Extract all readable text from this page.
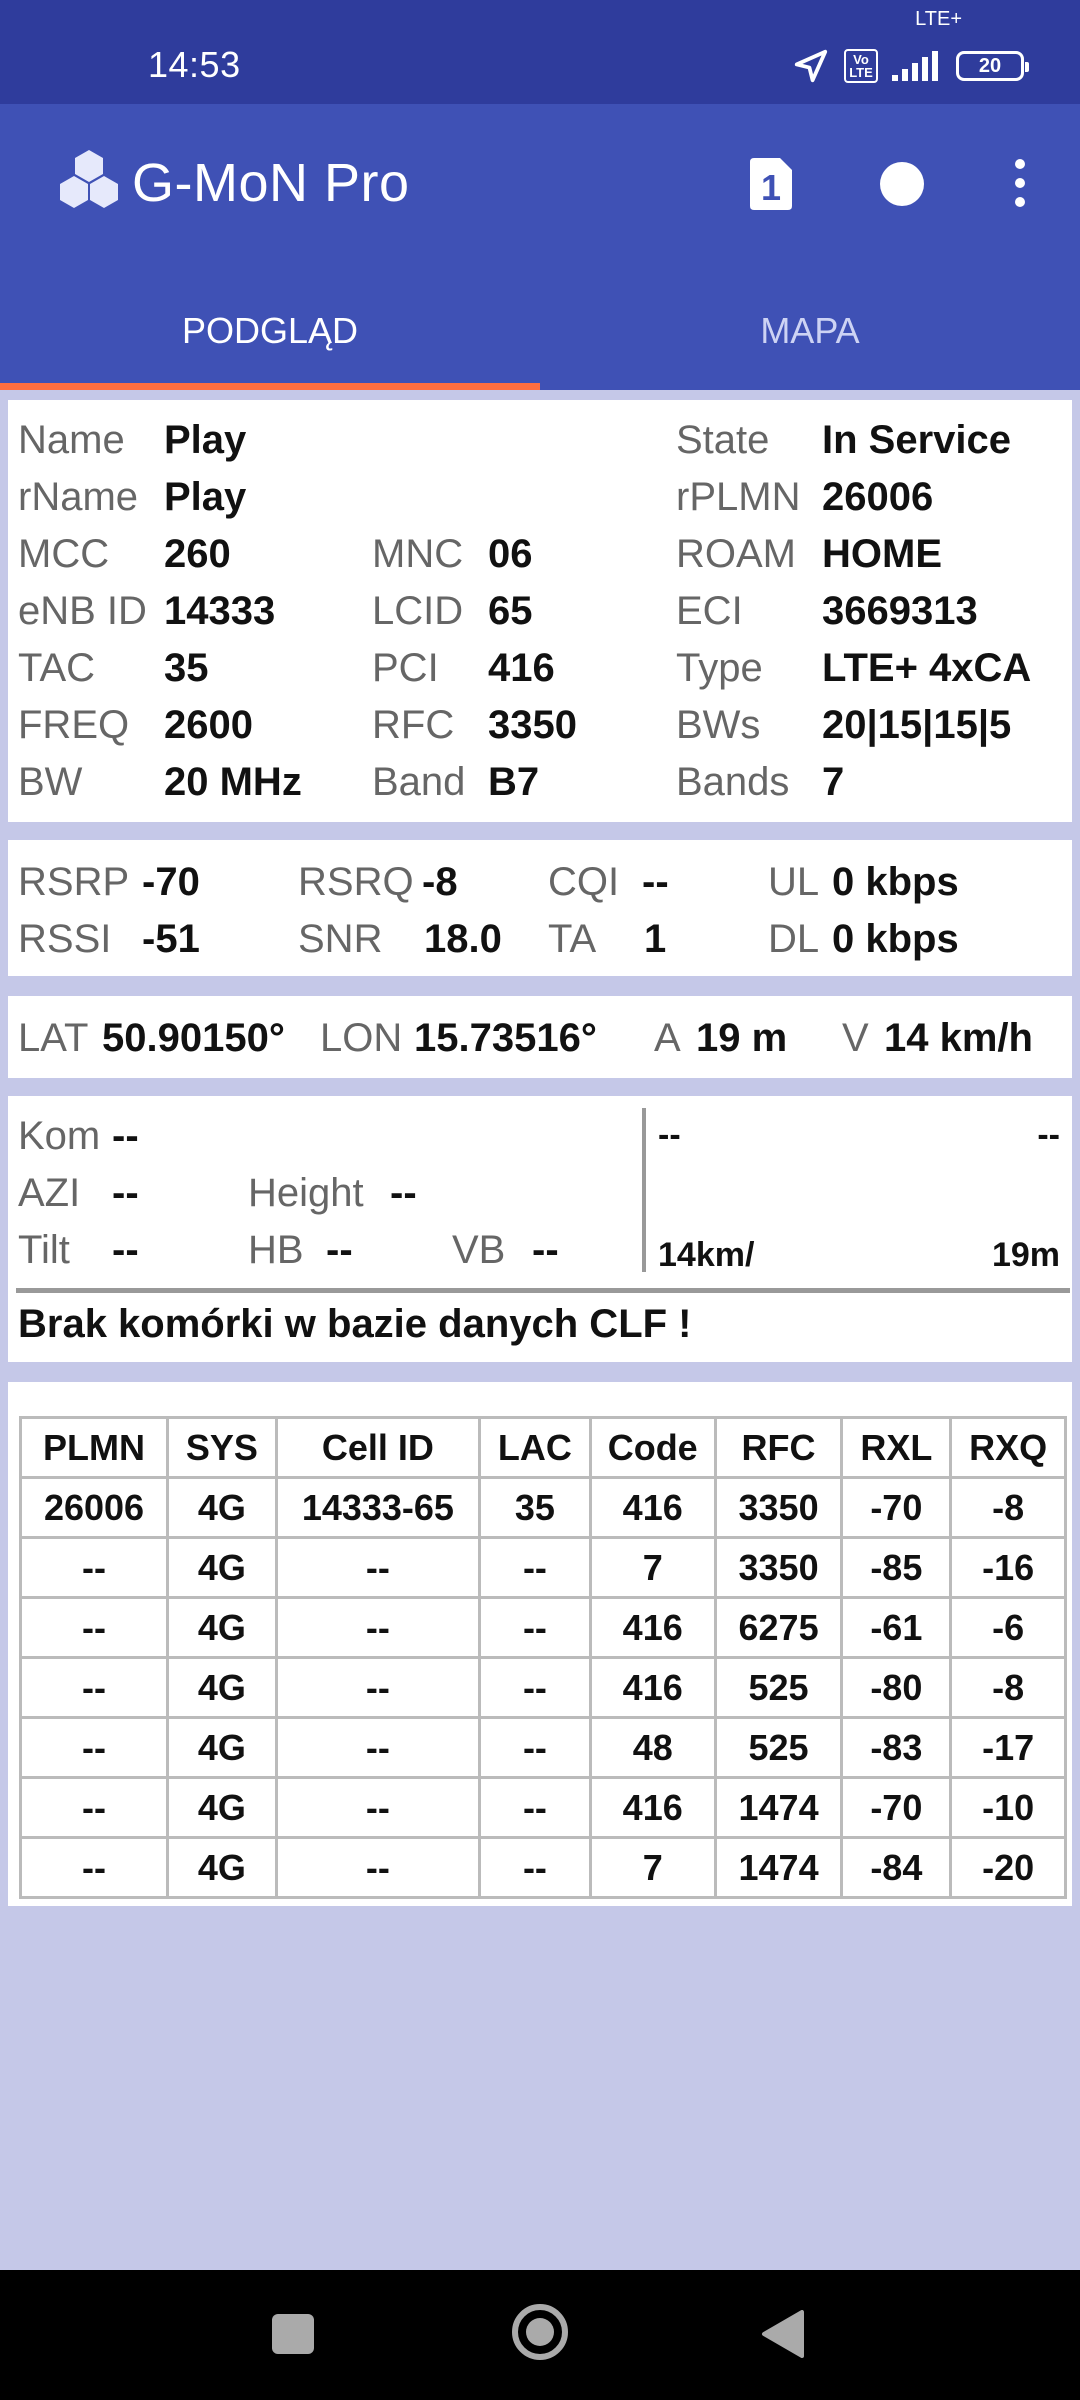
14:53
LTE+
Vo LTE	20
G-MoN Pro	1
PODGLĄD	MAPA
Name Play	State In Service
rName Play	rPLMN 26006
MCC 260	MNC 06	ROAM HOME
eNB ID 14333 LCID 65	ECI 3669313
TAC 35	PCI 416	Type LTE+ 4xCA
FREQ 2600	RFC 3350 BWs 20|15|15|5
BW 20 MHz Band B7	Bands 7
RSRP -70 RSRQ -8 CQI -- UL 0 kbps
RSSI -51 SNR 18.0 TA 1	DL 0 kbps
LAT 50.90150° LON 15.73516° A 19 m V 14 km/h
Kom --
AZI --	Height --
Tilt --	HB -- VB --
--	--
14km/	19m
Brak komórki w bazie danych CLF !
PLMN	SYS	Cell ID	LAC	Code	RFC	RXL	RXQ
26006	4G	14333-65	35	416	3350	-70	-8
--	4G	--	--	7	3350	-85	-16
--	4G	--	--	416	6275	-61	-6
--	4G	--	--	416	525	-80	-8
--	4G	--	--	48	525	-83	-17
--	4G	--	--	416	1474	-70	-10
--	4G	--	--	7	1474	-84	-20
